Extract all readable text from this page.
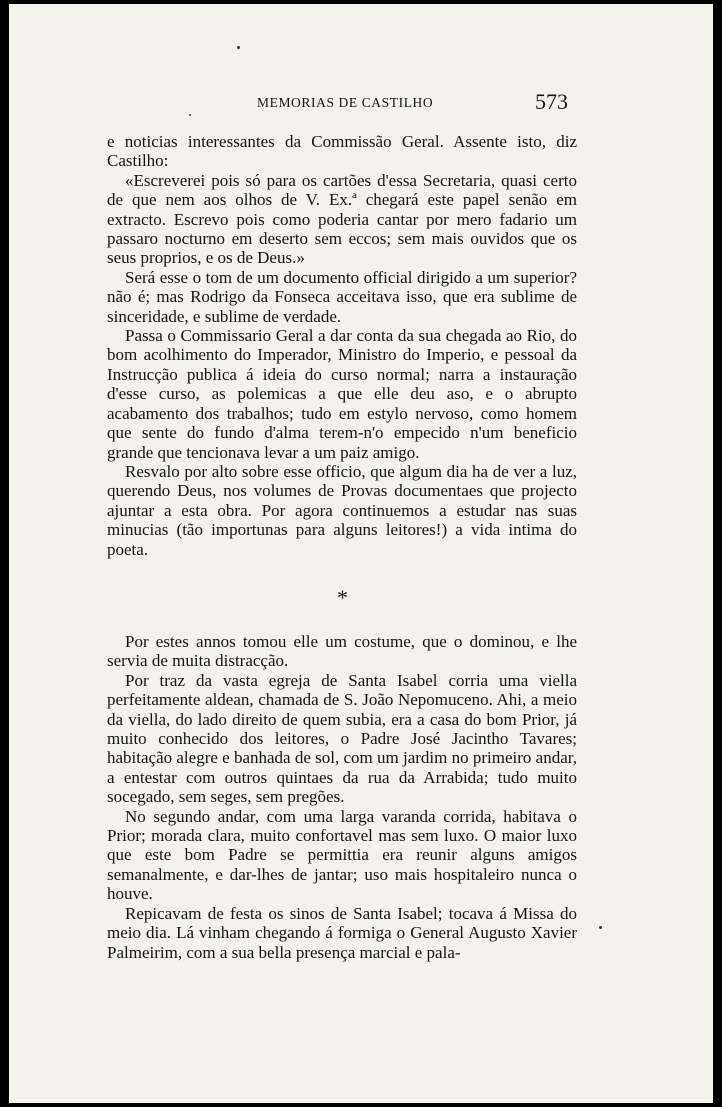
MEMORIAS DE CASTILHO	573

e noticias interessantes da Commissão Geral. Assente isto, diz Castilho:

«Escreverei pois só para os cartões d'essa Secretaria, quasi certo de que nem aos olhos de V. Ex.ª chegará este papel senão em extracto. Escrevo pois como poderia cantar por mero fadario um passaro nocturno em deserto sem eccos; sem mais ouvidos que os seus proprios, e os de Deus.»

Será esse o tom de um documento official dirigido a um superior? não é; mas Rodrigo da Fonseca acceitava isso, que era sublime de sinceridade, e sublime de verdade.

Passa o Commissario Geral a dar conta da sua chegada ao Rio, do bom acolhimento do Imperador, Ministro do Imperio, e pessoal da Instrucção publica á ideia do curso normal; narra a instauração d'esse curso, as polemicas a que elle deu aso, e o abrupto acabamento dos trabalhos; tudo em estylo nervoso, como homem que sente do fundo d'alma terem-n'o empecido n'um beneficio grande que tencionava levar a um paiz amigo.

Resvalo por alto sobre esse officio, que algum dia ha de ver a luz, querendo Deus, nos volumes de Provas documentaes que projecto ajuntar a esta obra. Por agora continuemos a estudar nas suas minucias (tão importunas para alguns leitores!) a vida intima do poeta.

*

Por estes annos tomou elle um costume, que o dominou, e lhe servia de muita distracção.

Por traz da vasta egreja de Santa Isabel corria uma viella perfeitamente aldean, chamada de S. João Nepomuceno. Ahi, a meio da viella, do lado direito de quem subia, era a casa do bom Prior, já muito conhecido dos leitores, o Padre José Jacintho Tavares; habitação alegre e banhada de sol, com um jardim no primeiro andar, a entestar com outros quintaes da rua da Arrabida; tudo muito socegado, sem seges, sem pregões.

No segundo andar, com uma larga varanda corrida, habitava o Prior; morada clara, muito confortavel mas sem luxo. O maior luxo que este bom Padre se permittia era reunir alguns amigos semanalmente, e dar-lhes de jantar; uso mais hospitaleiro nunca o houve.

Repicavam de festa os sinos de Santa Isabel; tocava á Missa do meio dia. Lá vinham chegando á formiga o General Augusto Xavier Palmeirim, com a sua bella presença marcial e pala-
